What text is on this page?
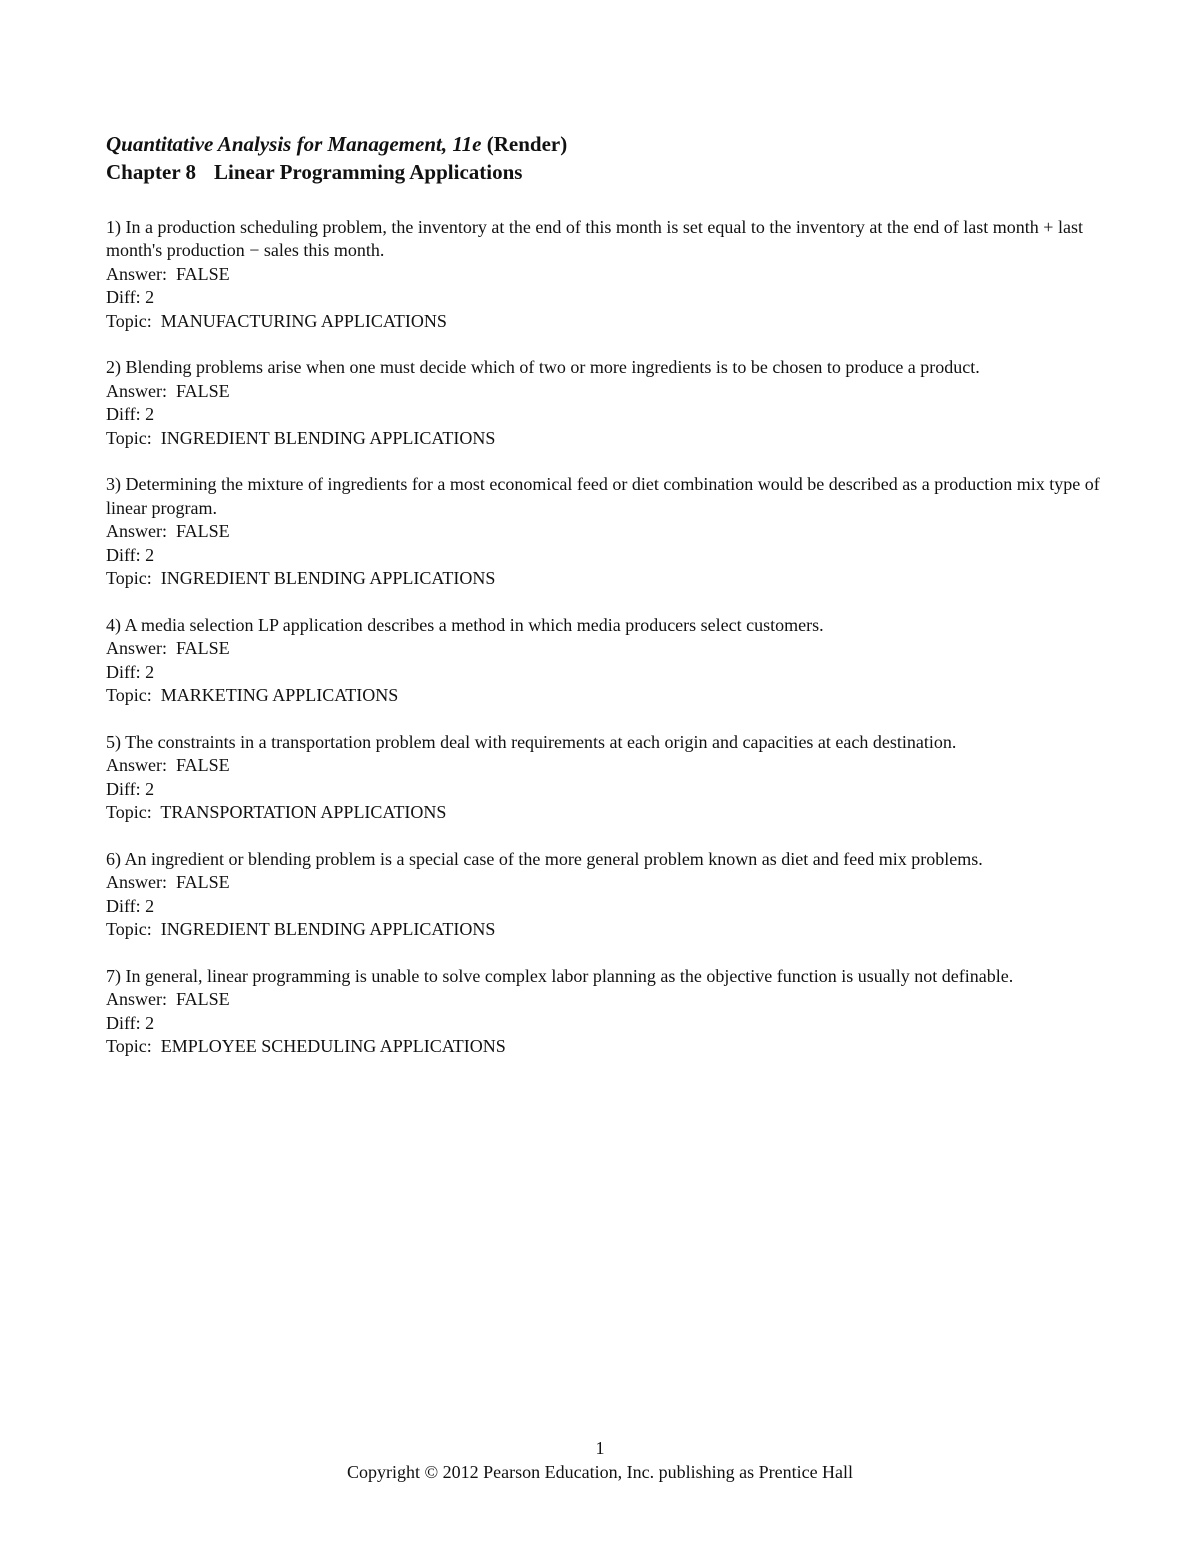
Quantitative Analysis for Management, 11e (Render)
Chapter 8 Linear Programming Applications
1) In a production scheduling problem, the inventory at the end of this month is set equal to the inventory at the end of last month + last month's production − sales this month.
Answer: FALSE
Diff: 2
Topic: MANUFACTURING APPLICATIONS
2) Blending problems arise when one must decide which of two or more ingredients is to be chosen to produce a product.
Answer: FALSE
Diff: 2
Topic: INGREDIENT BLENDING APPLICATIONS
3) Determining the mixture of ingredients for a most economical feed or diet combination would be described as a production mix type of linear program.
Answer: FALSE
Diff: 2
Topic: INGREDIENT BLENDING APPLICATIONS
4) A media selection LP application describes a method in which media producers select customers.
Answer: FALSE
Diff: 2
Topic: MARKETING APPLICATIONS
5) The constraints in a transportation problem deal with requirements at each origin and capacities at each destination.
Answer: FALSE
Diff: 2
Topic: TRANSPORTATION APPLICATIONS
6) An ingredient or blending problem is a special case of the more general problem known as diet and feed mix problems.
Answer: FALSE
Diff: 2
Topic: INGREDIENT BLENDING APPLICATIONS
7) In general, linear programming is unable to solve complex labor planning as the objective function is usually not definable.
Answer: FALSE
Diff: 2
Topic: EMPLOYEE SCHEDULING APPLICATIONS
1
Copyright © 2012 Pearson Education, Inc. publishing as Prentice Hall
